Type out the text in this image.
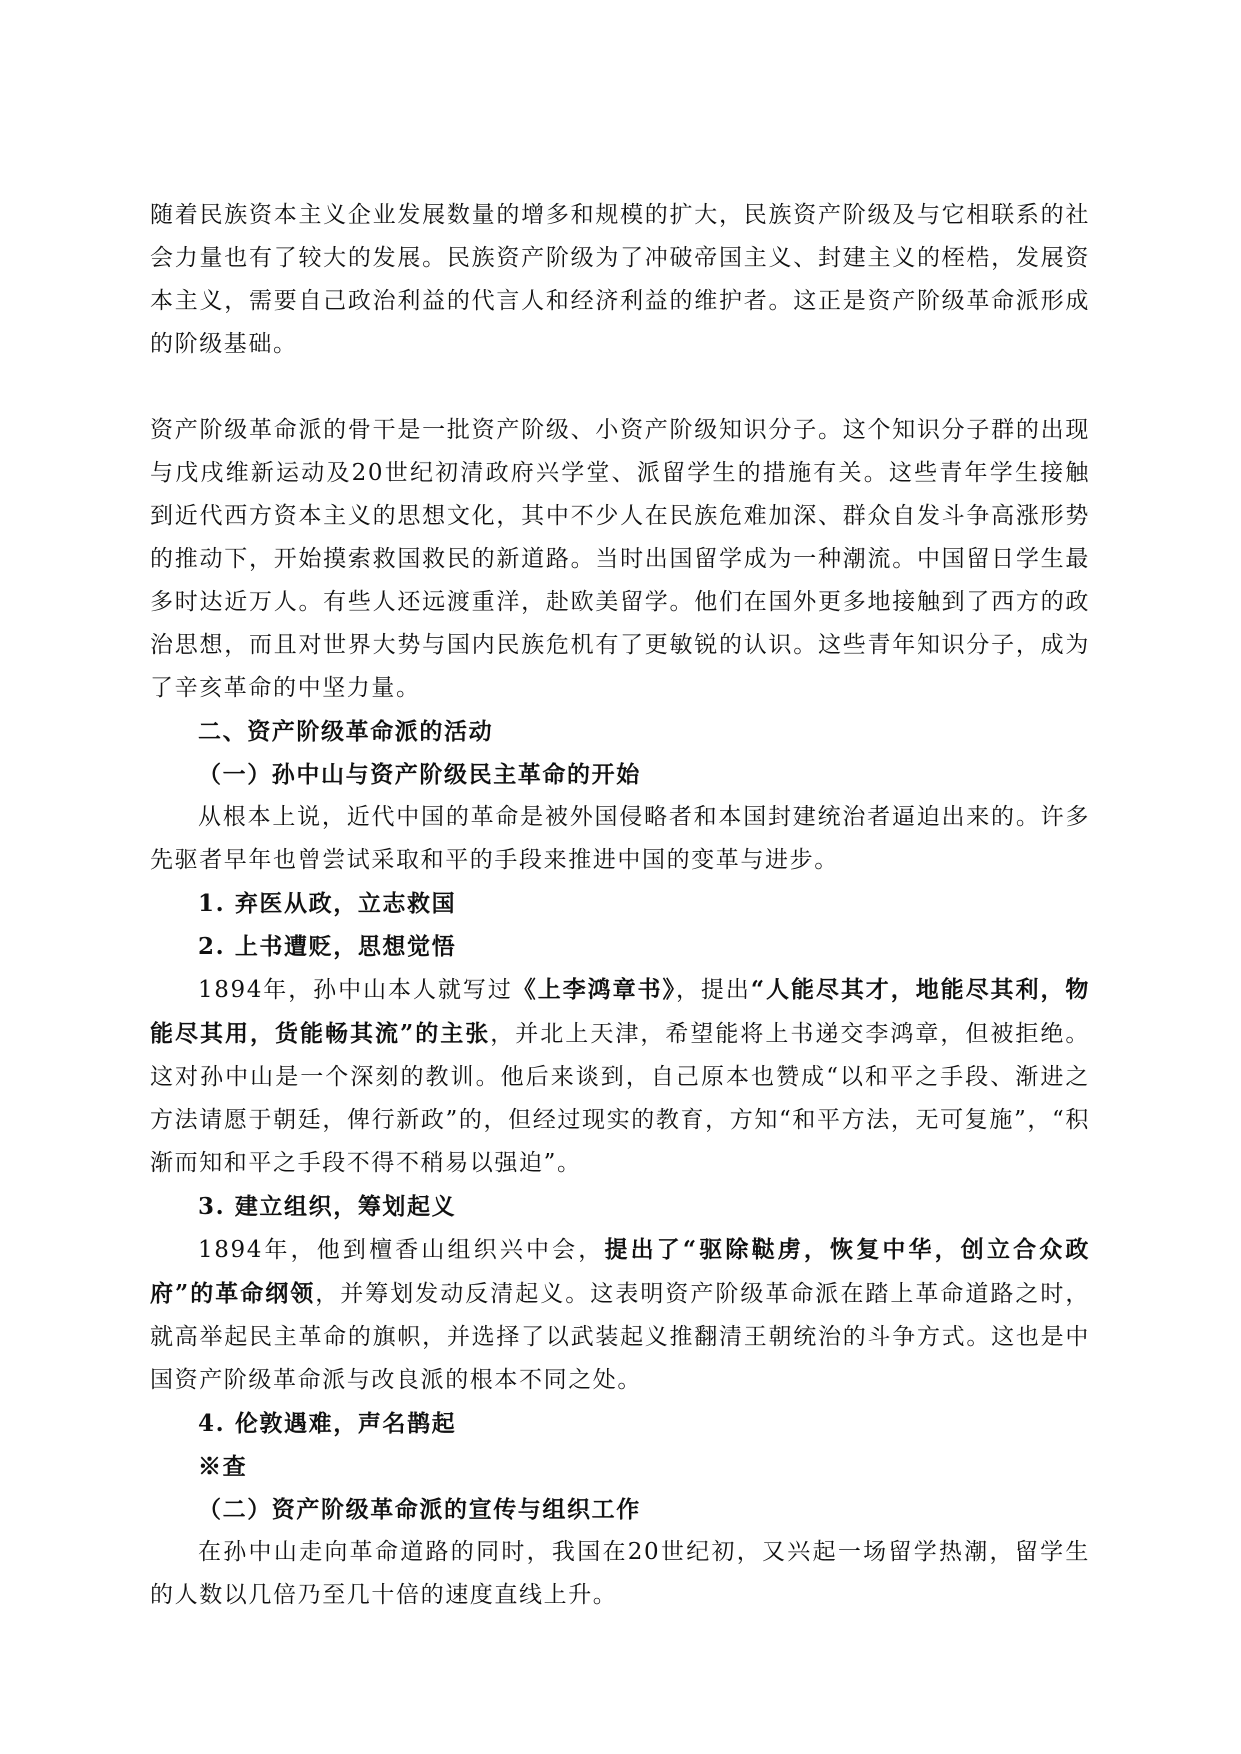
随着民族资本主义企业发展数量的增多和规模的扩大，民族资产阶级及与它相联系的社会力量也有了较大的发展。民族资产阶级为了冲破帝国主义、封建主义的桎梏，发展资本主义，需要自己政治利益的代言人和经济利益的维护者。这正是资产阶级革命派形成的阶级基础。

资产阶级革命派的骨干是一批资产阶级、小资产阶级知识分子。这个知识分子群的出现与戊戌维新运动及20世纪初清政府兴学堂、派留学生的措施有关。这些青年学生接触到近代西方资本主义的思想文化，其中不少人在民族危难加深、群众自发斗争高涨形势的推动下，开始摸索救国救民的新道路。当时出国留学成为一种潮流。中国留日学生最多时达近万人。有些人还远渡重洋，赴欧美留学。他们在国外更多地接触到了西方的政治思想，而且对世界大势与国内民族危机有了更敏锐的认识。这些青年知识分子，成为了辛亥革命的中坚力量。

二、资产阶级革命派的活动

（一）孙中山与资产阶级民主革命的开始

从根本上说，近代中国的革命是被外国侵略者和本国封建统治者逼迫出来的。许多先驱者早年也曾尝试采取和平的手段来推进中国的变革与进步。

1. 弃医从政，立志救国

2. 上书遭贬，思想觉悟

1894年，孙中山本人就写过《上李鸿章书》，提出“人能尽其才，地能尽其利，物能尽其用，货能畅其流”的主张，并北上天津，希望能将上书递交李鸿章，但被拒绝。这对孙中山是一个深刻的教训。他后来谈到，自己原本也赞成“以和平之手段、渐进之方法请愿于朝廷，俾行新政”的，但经过现实的教育，方知“和平方法，无可复施”，“积渐而知和平之手段不得不稍易以强迫”。

3. 建立组织，筹划起义

1894年，他到檀香山组织兴中会，提出了“驱除鞑虏，恢复中华，创立合众政府”的革命纲领，并筹划发动反清起义。这表明资产阶级革命派在踏上革命道路之时，就高举起民主革命的旗帜，并选择了以武装起义推翻清王朝统治的斗争方式。这也是中国资产阶级革命派与改良派的根本不同之处。

4. 伦敦遇难，声名鹊起

※查

（二）资产阶级革命派的宣传与组织工作

在孙中山走向革命道路的同时，我国在20世纪初，又兴起一场留学热潮，留学生的人数以几倍乃至几十倍的速度直线上升。
